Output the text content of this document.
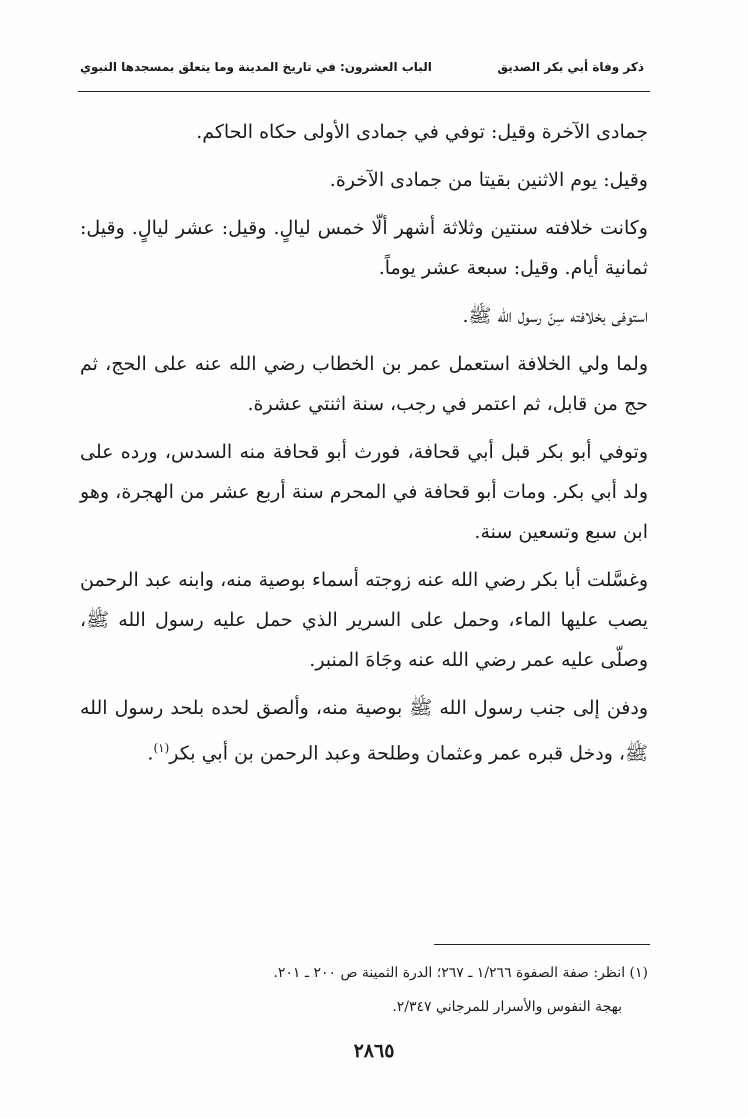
ذكر وفاة أبي بكر الصديق
الباب العشرون: في تاريخ المدينة وما يتعلق بمسجدها النبوي

جمادى الآخرة وقيل: توفي في جمادى الأولى حكاه الحاكم.

وقيل: يوم الاثنين بقيتا من جمادى الآخرة.

وكانت خلافته سنتين وثلاثة أشهر ألّا خمس ليالٍ. وقيل: عشر ليالٍ. وقيل: ثمانية أيام. وقيل: سبعة عشر يوماً.

استوفى بخلافته سِنّ رسول الله ﷺ.

ولما ولي الخلافة استعمل عمر بن الخطاب رضي الله عنه على الحج، ثم حج من قابل، ثم اعتمر في رجب، سنة اثنتي عشرة.

وتوفي أبو بكر قبل أبي قحافة، فورث أبو قحافة منه السدس، ورده على ولد أبي بكر. ومات أبو قحافة في المحرم سنة أربع عشر من الهجرة، وهو ابن سبع وتسعين سنة.

وغسَّلت أبا بكر رضي الله عنه زوجته أسماء بوصية منه، وابنه عبد الرحمن يصب عليها الماء، وحمل على السرير الذي حمل عليه رسول الله ﷺ، وصلّى عليه عمر رضي الله عنه وجَاهَ المنبر.

ودفن إلى جنب رسول الله ﷺ بوصية منه، وألصق لحده بلحد رسول الله ﷺ، ودخل قبره عمر وعثمان وطلحة وعبد الرحمن بن أبي بكر$^{(١)}$.

(١) انظر: صفة الصفوة ١/٢٦٦ ـ ٢٦٧؛ الدرة الثمينة ص ٢٠٠ ـ ٢٠١.

بهجة النفوس والأسرار للمرجاني ٢/٣٤٧.

٢٨٦٥
